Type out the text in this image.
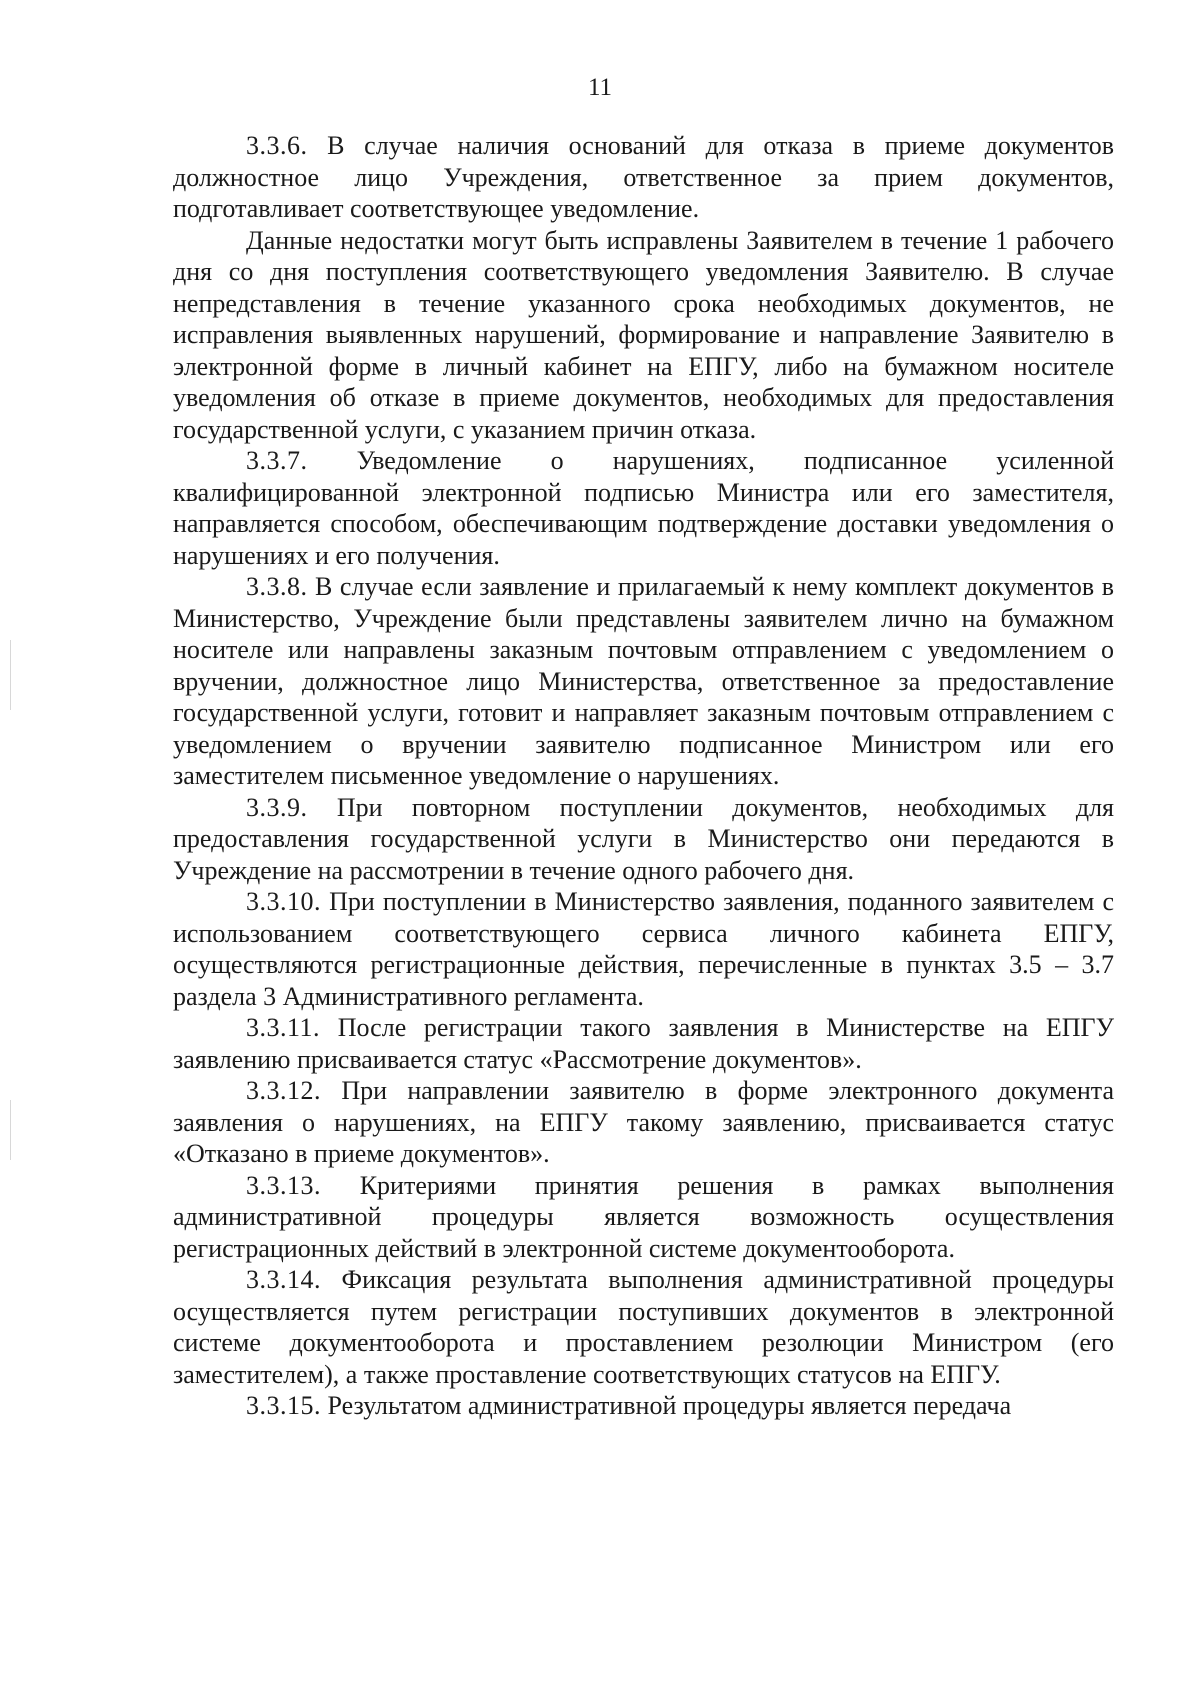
11

3.3.6. В случае наличия оснований для отказа в приеме документов должностное лицо Учреждения, ответственное за прием документов, подготавливает соответствующее уведомление.

Данные недостатки могут быть исправлены Заявителем в течение 1 рабочего дня со дня поступления соответствующего уведомления Заявителю. В случае непредставления в течение указанного срока необходимых документов, не исправления выявленных нарушений, формирование и направление Заявителю в электронной форме в личный кабинет на ЕПГУ, либо на бумажном носителе уведомления об отказе в приеме документов, необходимых для предоставления государственной услуги, с указанием причин отказа.

3.3.7. Уведомление о нарушениях, подписанное усиленной квалифицированной электронной подписью Министра или его заместителя, направляется способом, обеспечивающим подтверждение доставки уведомления о нарушениях и его получения.

3.3.8. В случае если заявление и прилагаемый к нему комплект документов в Министерство, Учреждение были представлены заявителем лично на бумажном носителе или направлены заказным почтовым отправлением с уведомлением о вручении, должностное лицо Министерства, ответственное за предоставление государственной услуги, готовит и направляет заказным почтовым отправлением с уведомлением о вручении заявителю подписанное Министром или его заместителем письменное уведомление о нарушениях.

3.3.9. При повторном поступлении документов, необходимых для предоставления государственной услуги в Министерство они передаются в Учреждение на рассмотрении в течение одного рабочего дня.

3.3.10. При поступлении в Министерство заявления, поданного заявителем с использованием соответствующего сервиса личного кабинета ЕПГУ, осуществляются регистрационные действия, перечисленные в пунктах 3.5 – 3.7 раздела 3 Административного регламента.

3.3.11. После регистрации такого заявления в Министерстве на ЕПГУ заявлению присваивается статус «Рассмотрение документов».

3.3.12. При направлении заявителю в форме электронного документа заявления о нарушениях, на ЕПГУ такому заявлению, присваивается статус «Отказано в приеме документов».

3.3.13. Критериями принятия решения в рамках выполнения административной процедуры является возможность осуществления регистрационных действий в электронной системе документооборота.

3.3.14. Фиксация результата выполнения административной процедуры осуществляется путем регистрации поступивших документов в электронной системе документооборота и проставлением резолюции Министром (его заместителем), а также проставление соответствующих статусов на ЕПГУ.

3.3.15. Результатом административной процедуры является передача
